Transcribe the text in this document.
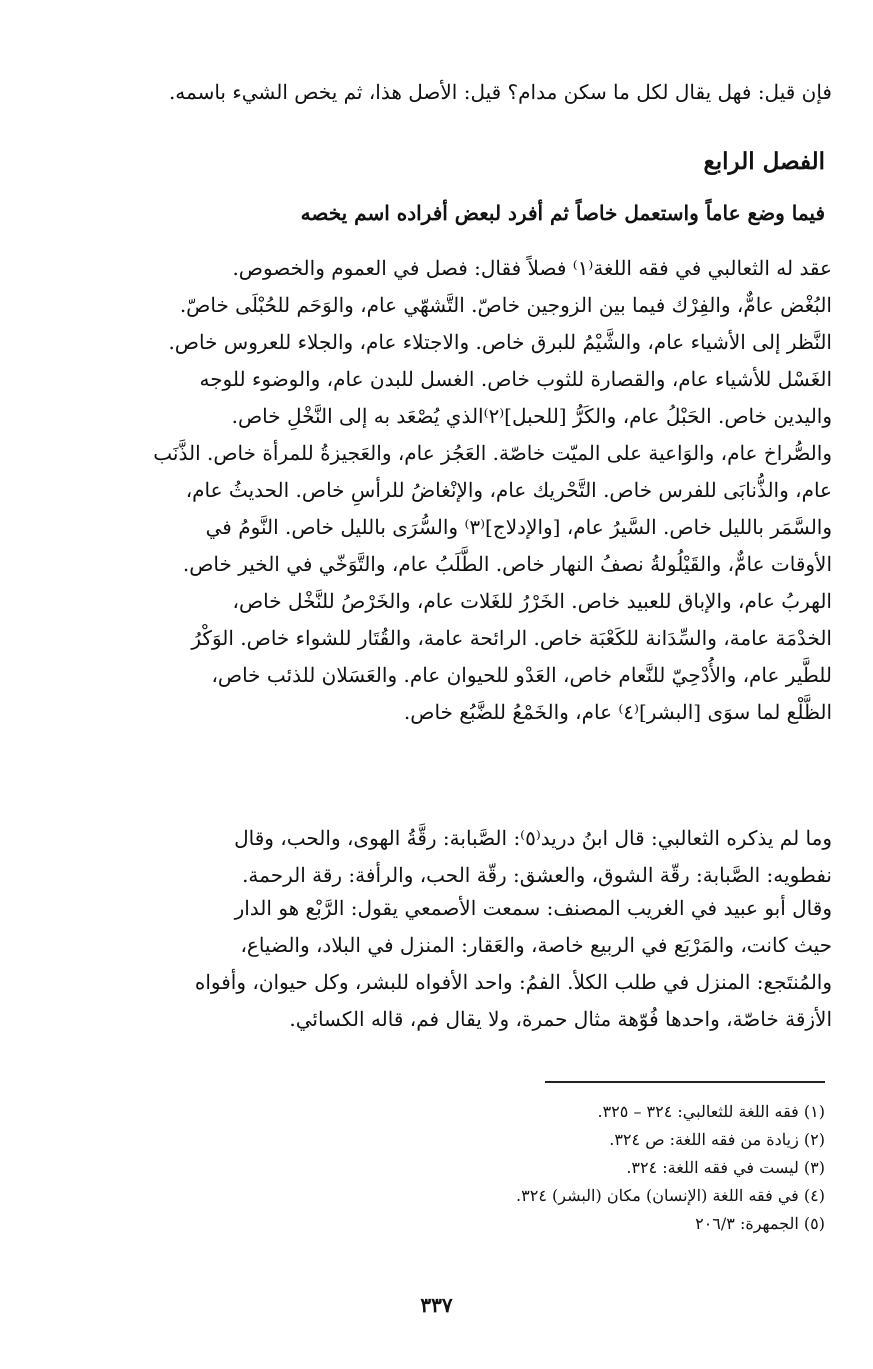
فإن قيل: فهل يقال لكل ما سكن مدام؟ قيل: الأصل هذا، ثم يخص الشيء باسمه.
الفصل الرابع
فيما وضع عاماً واستعمل خاصاً ثم أفرد لبعض أفراده اسم يخصه
عقد له الثعالبي في فقه اللغة⁽١⁾ فصلاً فقال: فصل في العموم والخصوص.
البُغْض عامٌّ، والفِرْك فيما بين الزوجين خاصّ. التَّشهّي عام، والوَحَم للحُبْلَى خاصّ.
النَّظر إلى الأشياء عام، والشَّيْمُ للبرق خاص. والاجتلاء عام، والجلاء للعروس خاص.
الغَسْل للأشياء عام، والقصارة للثوب خاص. الغسل للبدن عام، والوضوء للوجه
واليدين خاص. الحَبْلُ عام، والكَرُّ [للحبل]⁽٢⁾الذي يُصْعَد به إلى النَّخْلِ خاص.
والصُّراخ عام، والوَاعية على الميّت خاصّة. العَجُز عام، والعَجيزةُ للمرأة خاص. الذَّنَب
عام، والذُّنابَى للفرس خاص. التَّحْريك عام، والإنْغاضُ للرأسِ خاص. الحديثُ عام،
والسَّمَر بالليل خاص. السَّيرُ عام، [والإدلاج]⁽٣⁾ والسُّرَى بالليل خاص. النَّومُ في
الأوقات عامٌّ، والقَيْلُولةُ نصفُ النهار خاص. الطَّلَبُ عام، والتَّوَخّي في الخير خاص.
الهربُ عام، والإباق للعبيد خاص. الخَرْرُ للغَلات عام، والخَرْصُ للنَّخْل خاص،
الخدْمَة عامة، والسِّدَانة للكَعْبَة خاص. الرائحة عامة، والقُتَار للشواء خاص. الوَكْرُ
للطَّير عام، والأُدْحِيّ للنَّعام خاص، العَدْو للحيوان عام. والعَسَلان للذئب خاص،
الظَّلْع لما سوَى [البشر]⁽٤⁾ عام، والخَمْعُ للضَّبُع خاص.
وما لم يذكره الثعالبي: قال ابنُ دريد⁽٥⁾: الصَّبابة: رقَّةُ الهوى، والحب، وقال
نفطويه: الصَّبابة: رقّة الشوق، والعشق: رقّة الحب، والرأفة: رقة الرحمة.
وقال أبو عبيد في الغريب المصنف: سمعت الأصمعي يقول: الرَّبْع هو الدار
حيث كانت، والمَرْبَع في الربيع خاصة، والعَقار: المنزل في البلاد، والضياع،
والمُنتَجع: المنزل في طلب الكلأ. الفمُ: واحد الأفواه للبشر، وكل حيوان، وأفواه
الأزقة خاصّة، واحدها فُوّهة مثال حمرة، ولا يقال فم، قاله الكسائي.
(١) فقه اللغة للثعالبي: ٣٢٤ – ٣٢٥.
(٢) زيادة من فقه اللغة: ص ٣٢٤.
(٣) ليست في فقه اللغة: ٣٢٤.
(٤) في فقه اللغة (الإنسان) مكان (البشر) ٣٢٤.
(٥) الجمهرة: ٢٠٦/٣
٣٣٧
